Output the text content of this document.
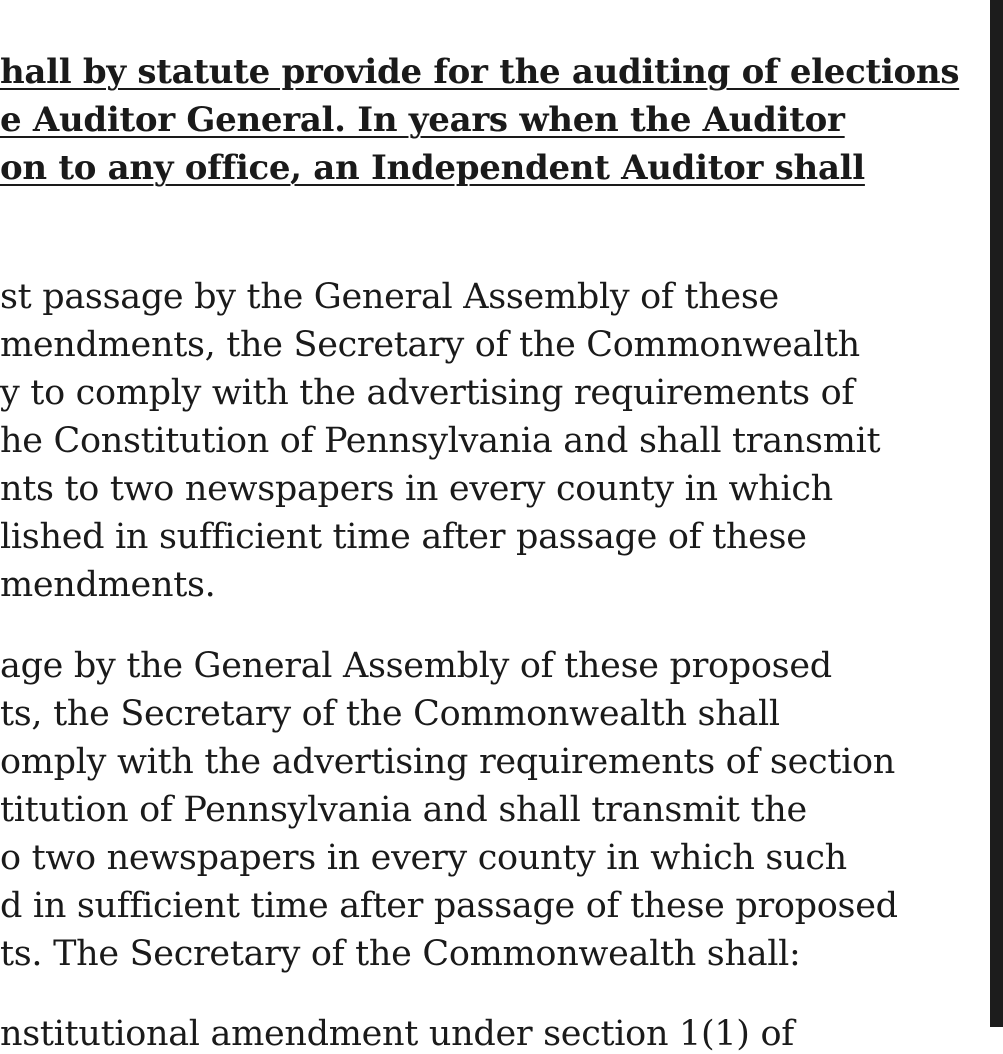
hall by statute provide for the auditing of elections
e Auditor General. In years when the Auditor
on to any office, an Independent Auditor shall
st passage by the General Assembly of these
mendments, the Secretary of the Commonwealth
y to comply with the advertising requirements of
he Constitution of Pennsylvania and shall transmit
nts to two newspapers in every county in which
lished in sufficient time after passage of these
mendments.
age by the General Assembly of these proposed
ts, the Secretary of the Commonwealth shall
omply with the advertising requirements of section
titution of Pennsylvania and shall transmit the
o two newspapers in every county in which such
d in sufficient time after passage of these proposed
ts. The Secretary of the Commonwealth shall:
nstitutional amendment under section 1(1) of
